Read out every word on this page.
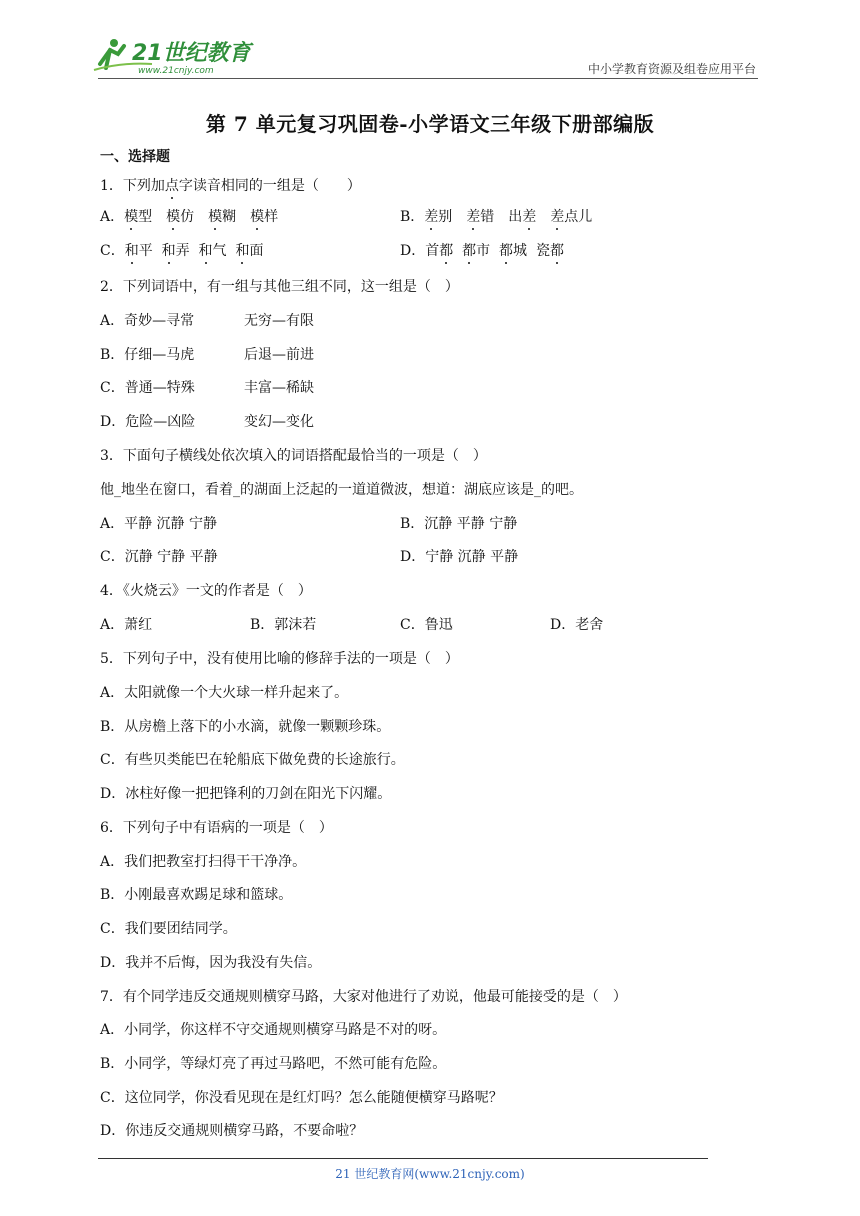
21世纪教育
www.21cnjy.com	中小学教育资源及组卷应用平台
第 7 单元复习巩固卷-小学语文三年级下册部编版
一、选择题
1．下列加点字读音相同的一组是（　　）
A．模型　模仿　模糊　模样	B．差别　差错　出差　 差点儿
C．和平  和弄  和气  和面	D．首都 都市  都城  瓷都
2．下列词语中，有一组与其他三组不同，这一组是（　）
A．奇妙—寻常	无穷—有限
B．仔细—马虎	后退—前进
C．普通—特殊	丰富—稀缺
D．危险—凶险	变幻—变化
3．下面句子横线处依次填入的词语搭配最恰当的一项是（　）
他_地坐在窗口，看着_的湖面上泛起的一道道微波，想道：湖底应该是_的吧。
A．平静 沉静 宁静	B．沉静 平静 宁静
C．沉静 宁静 平静	D．宁静 沉静 平静
4．《火烧云》一文的作者是（　）
A．萧红	B．郭沫若	C．鲁迅	D．老舍
5．下列句子中，没有使用比喻的修辞手法的一项是（　）
A．太阳就像一个大火球一样升起来了。
B．从房檐上落下的小水滴，就像一颗颗珍珠。
C．有些贝类能巴在轮船底下做免费的长途旅行。
D．冰柱好像一把把锋利的刀剑在阳光下闪耀。
6．下列句子中有语病的一项是（　）
A．我们把教室打扫得干干净净。
B．小刚最喜欢踢足球和篮球。
C．我们要团结同学。
D．我并不后悔，因为我没有失信。
7．有个同学违反交通规则横穿马路，大家对他进行了劝说，他最可能接受的是（　）
A．小同学，你这样不守交通规则横穿马路是不对的呀。
B．小同学，等绿灯亮了再过马路吧，不然可能有危险。
C．这位同学，你没看见现在是红灯吗？怎么能随便横穿马路呢？
D．你违反交通规则横穿马路，不要命啦？
21 世纪教育网(www.21cnjy.com)
